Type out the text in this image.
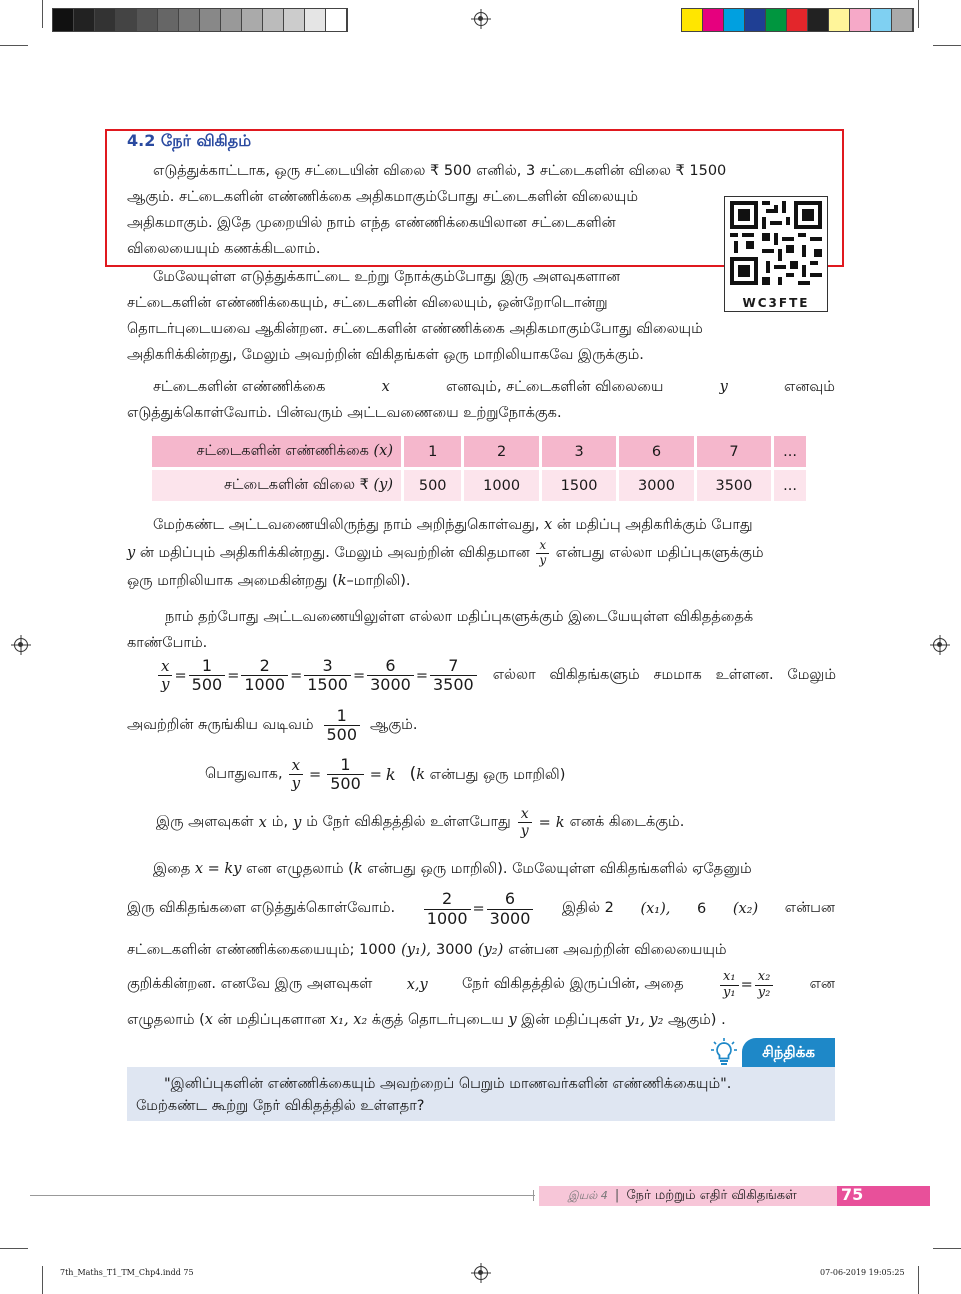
4.2 நேர் விகிதம்
WC3FTE
எடுத்துக்காட்டாக, ஒரு சட்டையின் விலை ₹ 500 எனில், 3 சட்டைகளின் விலை ₹ 1500
ஆகும். சட்டைகளின் எண்ணிக்கை அதிகமாகும்போது சட்டைகளின் விலையும்
அதிகமாகும். இதே முறையில் நாம் எந்த எண்ணிக்கையிலான சட்டைகளின்
விலையையும் கணக்கிடலாம்.
மேலேயுள்ள எடுத்துக்காட்டை உற்று நோக்கும்போது இரு அளவுகளான
சட்டைகளின் எண்ணிக்கையும், சட்டைகளின் விலையும், ஒன்றோடொன்று
தொடர்புடையவை ஆகின்றன. சட்டைகளின் எண்ணிக்கை அதிகமாகும்போது விலையும்
அதிகரிக்கின்றது, மேலும் அவற்றின் விகிதங்கள் ஒரு மாறிலியாகவே இருக்கும்.
சட்டைகளின் எண்ணிக்கை	x	எனவும், சட்டைகளின் விலையை	y	எனவும்
எடுத்துக்கொள்வோம். பின்வரும் அட்டவணையை உற்றுநோக்குக.
சட்டைகளின் எண்ணிக்கை (x)	1	2	3	6	7	...
சட்டைகளின் விலை ₹ (y)	500	1000	1500	3000	3500	...
மேற்கண்ட அட்டவணையிலிருந்து நாம் அறிந்துகொள்வது, x ன் மதிப்பு அதிகரிக்கும் போது
y ன் மதிப்பும் அதிகரிக்கின்றது. மேலும் அவற்றின் விகிதமான $\frac{x}{y}$ என்பது எல்லா மதிப்புகளுக்கும்
ஒரு மாறிலியாக அமைகின்றது (k–மாறிலி).
நாம் தற்போது அட்டவணையிலுள்ள எல்லா மதிப்புகளுக்கும் இடையேயுள்ள விகிதத்தைக்
காண்போம்.
$\frac{x}{y} = \frac{1}{500} = \frac{2}{1000} = \frac{3}{1500} = \frac{6}{3000} = \frac{7}{3500}$ எல்லா விகிதங்களும் சமமாக உள்ளன. மேலும்
அவற்றின் சுருங்கிய வடிவம் $\frac{1}{500}$ ஆகும்.
பொதுவாக, $\frac{x}{y} = \frac{1}{500} = k$ (k என்பது ஒரு மாறிலி)
இரு அளவுகள் x ம், y ம் நேர் விகிதத்தில் உள்ளபோது $\frac{x}{y} = k$ எனக் கிடைக்கும்.
இதை x = ky என எழுதலாம் (k என்பது ஒரு மாறிலி). மேலேயுள்ள விகிதங்களில் ஏதேனும்
இரு விகிதங்களை எடுத்துக்கொள்வோம். $\frac{2}{1000} = \frac{6}{3000}$ இதில் 2 (x₁), 6 (x₂) என்பன
சட்டைகளின் எண்ணிக்கையையும்; 1000 (y₁), 3000 (y₂) என்பன அவற்றின் விலையையும்
குறிக்கின்றன. எனவே இரு அளவுகள் x,y நேர் விகிதத்தில் இருப்பின், அதை	$\frac{\text{x₁}}{\text{y₁}} = \frac{\text{x₂}}{\text{y₂}}$	என
எழுதலாம் (x ன் மதிப்புகளான x₁, x₂ க்குத் தொடர்புடைய y இன் மதிப்புகள் y₁, y₂ ஆகும்) .
சிந்திக்க
"இனிப்புகளின் எண்ணிக்கையும் அவற்றைப் பெறும் மாணவர்களின் எண்ணிக்கையும்".
மேற்கண்ட கூற்று நேர் விகிதத்தில் உள்ளதா?
இயல் 4 | நேர் மற்றும் எதிர் விகிதங்கள்	75
7th_Maths_T1_TM_Chp4.indd 75	07-06-2019 19:05:25
